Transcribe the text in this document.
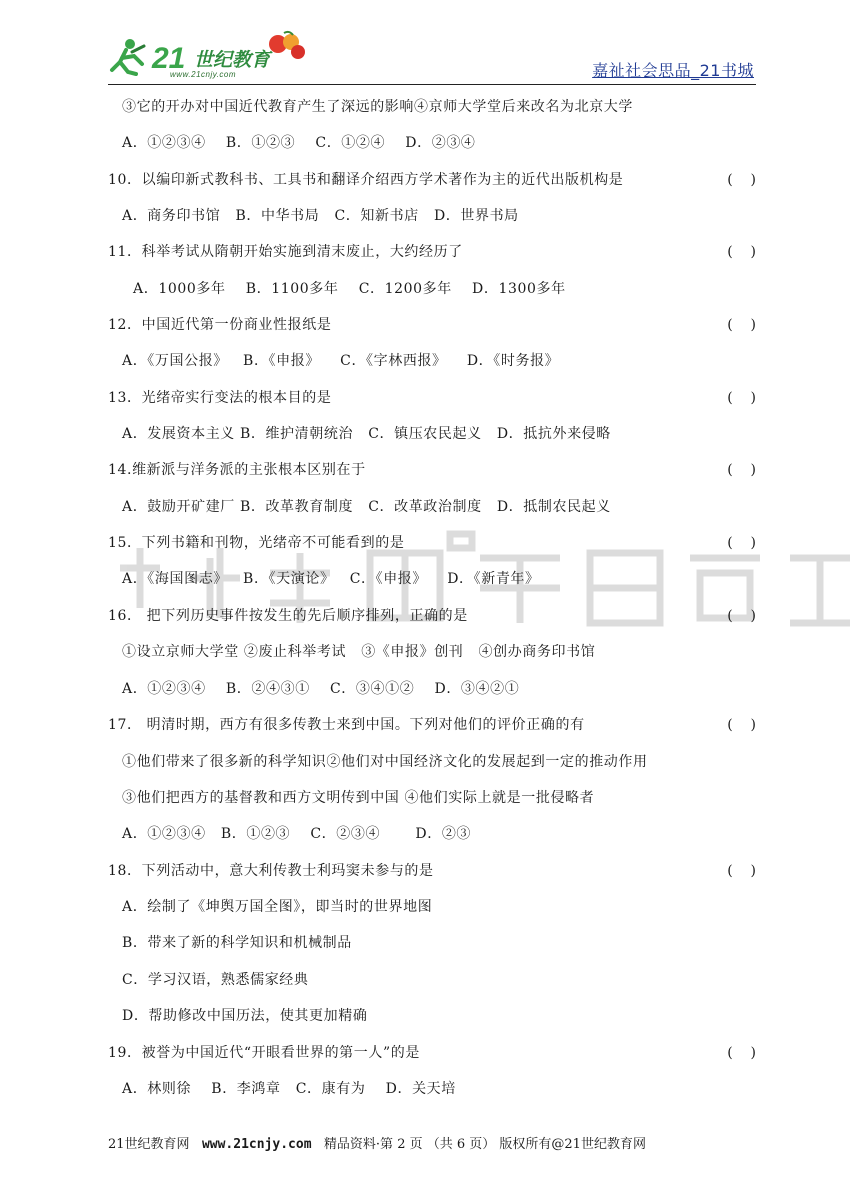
21 世纪教育
www.21cnjy.com	嘉祉社会思品_21书城
③它的开办对中国近代教育产生了深远的影响④京师大学堂后来改名为北京大学
A．①②③④    B．①②③    C．①②④    D．②③④
10．以编印新式教科书、工具书和翻译介绍西方学术著作为主的近代出版机构是	(    )
A．商务印书馆   B．中华书局   C．知新书店   D．世界书局
11．科举考试从隋朝开始实施到清末废止，大约经历了	(    )
A．1000多年    B．1100多年    C．1200多年    D．1300多年
12．中国近代第一份商业性报纸是	(    )
A．《万国公报》   B．《申报》    C．《字林西报》    D．《时务报》
13．光绪帝实行变法的根本目的是	(    )
A．发展资本主义 B．维护清朝统治   C．镇压农民起义   D．抵抗外来侵略
14.维新派与洋务派的主张根本区别在于	(    )
A．鼓励开矿建厂 B．改革教育制度   C．改革政治制度   D．抵制农民起义
15．下列书籍和刊物，光绪帝不可能看到的是	(    )
A．《海国图志》   B．《天演论》   C．《申报》    D．《新青年》
16． 把下列历史事件按发生的先后顺序排列，正确的是	(    )
①设立京师大学堂 ②废止科举考试   ③《申报》创刊   ④创办商务印书馆
A．①②③④    B．②④③①    C．③④①②    D．③④②①
17． 明清时期，西方有很多传教士来到中国。下列对他们的评价正确的有	(    )
①他们带来了很多新的科学知识②他们对中国经济文化的发展起到一定的推动作用
③他们把西方的基督教和西方文明传到中国 ④他们实际上就是一批侵略者
A．①②③④   B．①②③    C．②③④       D．②③
18．下列活动中，意大利传教士利玛窦未参与的是	(    )
A．绘制了《坤舆万国全图》，即当时的世界地图
B．带来了新的科学知识和机械制品
C．学习汉语，熟悉儒家经典
D．帮助修改中国历法，使其更加精确
19．被誉为中国近代“开眼看世界的第一人”的是	(    )
A．林则徐    B．李鸿章   C．康有为    D．关天培
21世纪教育网   www.21cnjy.com   精品资料·第 2 页 （共 6 页） 版权所有@21世纪教育网
